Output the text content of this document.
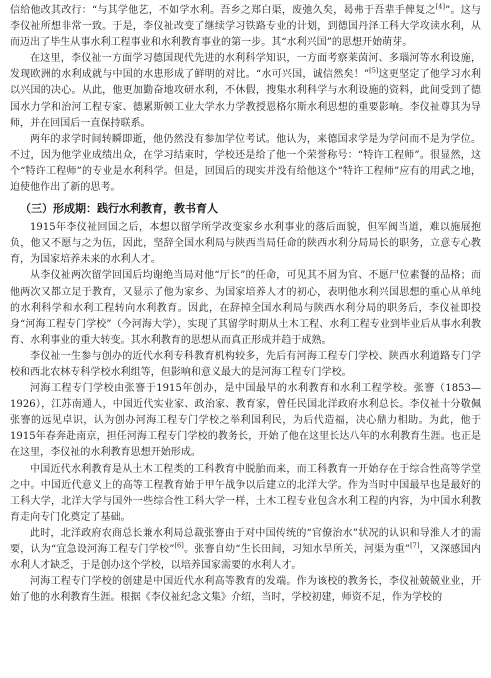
信给他改其改行：“与其学他艺，不如学水利。吾乡之郑白渠，废弛久矣，曷弗于吾辈手俾复之[4]”。这与李仪祉所想非常一致。于是，李仪祉改变了继续学习铁路专业的计划，到德国丹泽工科大学攻读水利，从而迈出了毕生从事水利工程事业和水利教育事业的第一步。其“水利兴国”的思想开始萌芽。

在这里，李仪祉一方面学习德国现代先进的水利科学知识，一方面考察莱茵河、多瑙河等水利设施，发现欧洲的水利成就与中国的水患形成了鲜明的对比。“水可兴国，诚信然矣！”[5]这更坚定了他学习水利以兴国的决心。从此，他更加勤奋地攻研水利，不休假，搜集水利科学与水利设施的资料，此间受到了德国水力学和治河工程专家、德累斯顿工业大学水力学教授恩格尔斯水利思想的重要影响。李仪祉尊其为导师，并在回国后一直保持联系。

两年的求学时间转瞬即逝，他仍然没有参加学位考试。他认为，来德国求学是为学问而不是为学位。不过，因为他学业成绩出众，在学习结束时，学校还是给了他一个荣誉称号：“特许工程师”。很显然，这个“特许工程师”的专业是水利科学。但是，回国后的现实并没有给他这个“特许工程师”应有的用武之地，迫使他作出了新的思考。

（三）形成期：践行水利教育，教书育人

1915年李仪祉回国之后，本想以留学所学改变家乡水利事业的落后面貌，但军阀当道，难以施展抱负，他又不愿与之为伍，因此，坚辞全国水利局与陕西当局任命的陕西水利分局局长的职务，立意专心教育，为国家培养未来的水利人才。

从李仪祉两次留学回国后均谢绝当局对他“厅长”的任命，可见其不屑为官、不愿尸位素餐的品格；而他两次又都立足于教育，又显示了他为家乡、为国家培养人才的初心，表明他水利兴国思想的重心从单纯的水利科学和水利工程转向水利教育。因此，在辞掉全国水利局与陕西水利分局的职务后，李仪祉即投身“河海工程专门学校”（今河海大学），实现了其留学时期从土木工程、水利工程专业到毕业后从事水利教育、水利事业的重大转变。其水利教育的思想从而真正形成并趋于成熟。

李仪祉一生参与创办的近代水利专科教育机构较多，先后有河海工程专门学校、陕西水利道路专门学校和西北农林专科学校水利组等，但影响和意义最大的是河海工程专门学校。

河海工程专门学校由张謇于1915年创办，是中国最早的水利教育和水利工程学校。张謇（1853—1926），江苏南通人，中国近代实业家、政治家、教育家，曾任民国北洋政府水利总长。李仪祉十分敬佩张謇的远见卓识，认为创办河海工程专门学校之举利国利民，为后代造福，决心鼎力相助。为此，他于1915年春奔赴南京，担任河海工程专门学校的教务长，开始了他在这里长达八年的水利教育生涯。也正是在这里，李仪祉的水利教育思想开始形成。

中国近代水利教育是从土木工程类的工科教育中脱胎而来，而工科教育一开始存在于综合性高等学堂之中。中国近代意义上的高等工程教育始于甲午战争以后建立的北洋大学。作为当时中国最早也是最好的工科大学，北洋大学与国外一些综合性工科大学一样，土木工程专业包含水利工程的内容，为中国水利教育走向专门化奠定了基础。

此时，北洋政府农商总长兼水利局总裁张謇由于对中国传统的“官僚治水”状况的认识和导淮人才的需要，认为“宜急设河海工程专门学校”[6]。张謇自幼“生长田间，习知水旱所关，河渠为重”[7]，又深感国内水利人才缺乏，于是创办这个学校，以培养国家需要的水利人才。

河海工程专门学校的创建是中国近代水利高等教育的发端。作为该校的教务长，李仪祉兢兢业业，开始了他的水利教育生涯。根据《李仪祉纪念文集》介绍，当时，学校初建，师资不足，作为学校的
